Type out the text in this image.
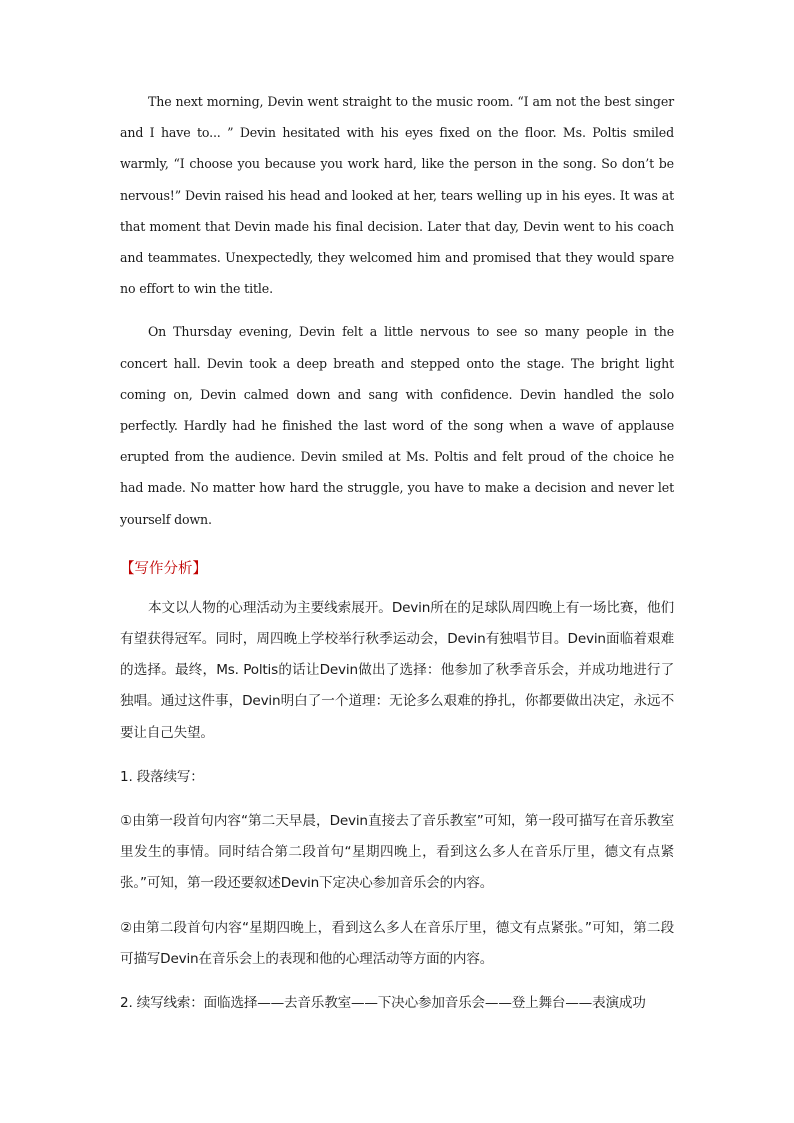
The next morning, Devin went straight to the music room. “I am not the best singer and I have to... ” Devin hesitated with his eyes fixed on the floor. Ms. Poltis smiled warmly, “I choose you because you work hard, like the person in the song. So don’t be nervous!” Devin raised his head and looked at her, tears welling up in his eyes. It was at that moment that Devin made his final decision. Later that day, Devin went to his coach and teammates. Unexpectedly, they welcomed him and promised that they would spare no effort to win the title.

On Thursday evening, Devin felt a little nervous to see so many people in the concert hall. Devin took a deep breath and stepped onto the stage. The bright light coming on, Devin calmed down and sang with confidence. Devin handled the solo perfectly. Hardly had he finished the last word of the song when a wave of applause erupted from the audience. Devin smiled at Ms. Poltis and felt proud of the choice he had made. No matter how hard the struggle, you have to make a decision and never let yourself down.

【写作分析】

本文以人物的心理活动为主要线索展开。Devin所在的足球队周四晚上有一场比赛，他们有望获得冠军。同时，周四晚上学校举行秋季运动会，Devin有独唱节目。Devin面临着艰难的选择。最终，Ms. Poltis的话让Devin做出了选择：他参加了秋季音乐会，并成功地进行了独唱。通过这件事，Devin明白了一个道理：无论多么艰难的挣扎，你都要做出决定，永远不要让自己失望。

1. 段落续写：

①由第一段首句内容“第二天早晨，Devin直接去了音乐教室”可知，第一段可描写在音乐教室里发生的事情。同时结合第二段首句“星期四晚上，看到这么多人在音乐厅里，德文有点紧张。”可知，第一段还要叙述Devin下定决心参加音乐会的内容。

②由第二段首句内容“星期四晚上，看到这么多人在音乐厅里，德文有点紧张。”可知，第二段可描写Devin在音乐会上的表现和他的心理活动等方面的内容。

2. 续写线索：面临选择——去音乐教室——下决心参加音乐会——登上舞台——表演成功
